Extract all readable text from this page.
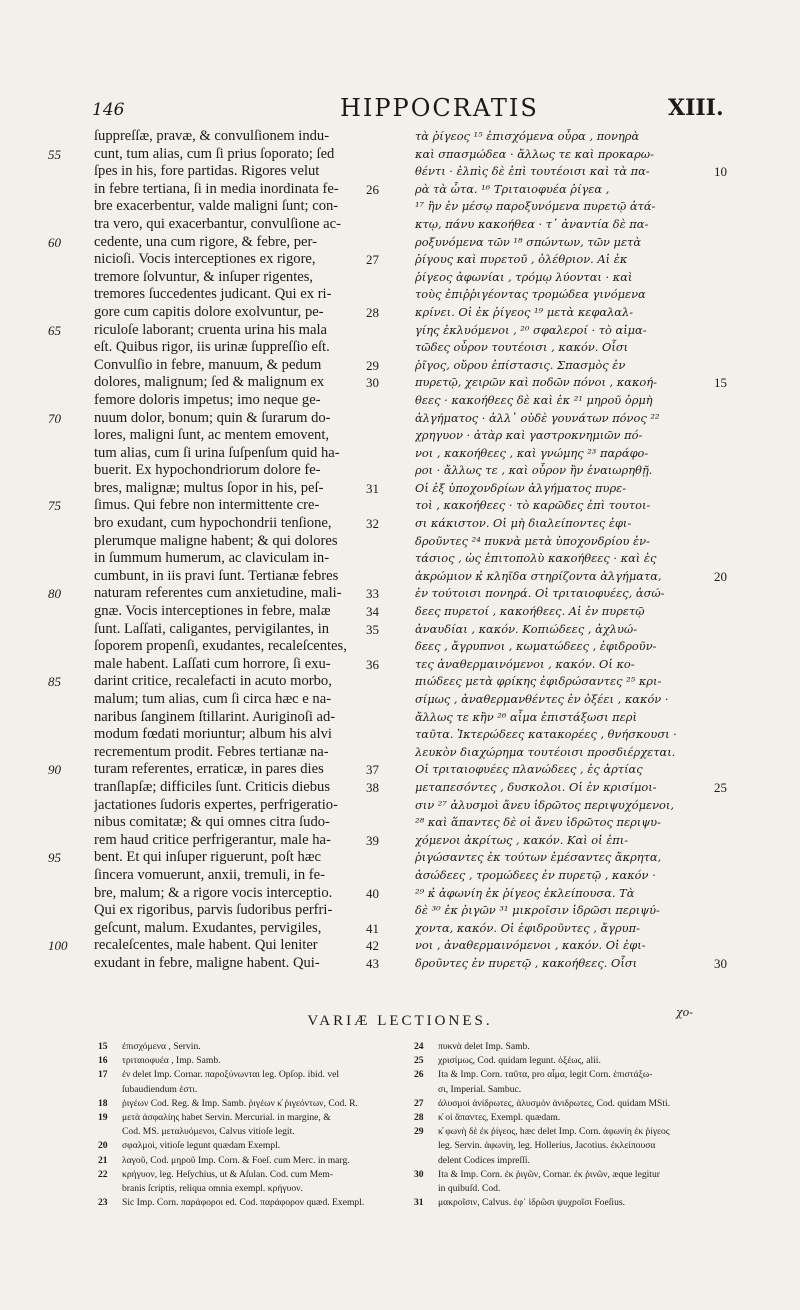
146	HIPPOCRATIS	XIII.
55
60
65
70
75
80
85
90
95
100
ſuppreſſæ, pravæ, & convulſionem indu-
cunt, tum alias, cum ſi prius ſoporato; ſed
ſpes in his, fore partidas. Rigores velut
in febre tertiana, ſi in media inordinata fe-
bre exacerbentur, valde maligni ſunt; con-
tra vero, qui exacerbantur, convulſione ac-
cedente, una cum rigore, & febre, per-
nicioſi. Vocis interceptiones ex rigore,
tremore ſolvuntur, & inſuper rigentes,
tremores ſuccedentes judicant. Qui ex ri-
gore cum capitis dolore exolvuntur, pe-
riculoſe laborant; cruenta urina his mala
eſt. Quibus rigor, iis urinæ ſuppreſſio eſt.
Convulſio in febre, manuum, & pedum
dolores, malignum; ſed & malignum ex
femore doloris impetus; imo neque ge-
nuum dolor, bonum; quin & ſurarum do-
lores, maligni ſunt, ac mentem emovent,
tum alias, cum ſi urina ſuſpenſum quid ha-
buerit. Ex hypochondriorum dolore fe-
bres, malignæ; multus ſopor in his, peſ-
ſimus. Qui febre non intermittente cre-
bro exudant, cum hypochondrii tenſione,
plerumque maligne habent; & qui dolores
in ſummum humerum, ac claviculam in-
cumbunt, in iis pravi ſunt. Tertianæ febres
naturam referentes cum anxietudine, mali-
gnæ. Vocis interceptiones in febre, malæ
ſunt. Laſſati, caligantes, pervigilantes, in
ſoporem propenſi, exudantes, recaleſcentes,
male habent. Laſſati cum horrore, ſi exu-
darint critice, recalefacti in acuto morbo,
malum; tum alias, cum ſi circa hæc e na-
naribus ſanginem ſtillarint. Auriginoſi ad-
modum fœdati moriuntur; album his alvi
recrementum prodit. Febres tertianæ na-
turam referentes, erraticæ, in pares dies
tranſlapſæ; difficiles ſunt. Criticis diebus
jactationes ſudoris expertes, perfrigeratio-
nibus comitatæ; & qui omnes citra ſudo-
rem haud critice perfrigerantur, male ha-
bent. Et qui inſuper riguerunt, poſt hæc
ſincera vomuerunt, anxii, tremuli, in fe-
bre, malum; & a rigore vocis interceptio.
Qui ex rigoribus, parvis ſudoribus perfri-
geſcunt, malum. Exudantes, pervigiles,
recaleſcentes, male habent. Qui leniter
exudant in febre, maligne habent. Qui-
26
27
28
29
30
31
32
33
34
35
36
37
38
39
40
41
42
43
τὰ ῥίγεος ¹⁵ ἐπισχόμενα οὖρα , πονηρὰ
καὶ σπασμώδεα · ἄλλως τε καὶ προκαρω-
θέντι · ἐλπὶς δὲ ἐπὶ τουτέοισι καὶ τὰ πα-
ρὰ τὰ ὦτα. ¹⁶ Τριταιοφυέα ῥίγεα ,
¹⁷ ἢν ἐν μέσῳ παροξυνόμενα πυρετῷ ἀτά-
κτῳ, πάνυ κακοήθεα · τ᾽ ἀναντία δὲ πα-
ροξυνόμενα τῶν ¹⁸ σπώντων, τῶν μετὰ
ῥίγους καὶ πυρετοῦ , ὀλέθριον. Αἱ ἐκ
ῥίγεος ἀφωνίαι , τρόμῳ λύονται · καὶ
τοὺς ἐπιῤῥιγέοντας τρομώδεα γινόμενα
κρίνει. Οἱ ἐκ ῥίγεος ¹⁹ μετὰ κεφαλαλ-
γίης ἐκλυόμενοι , ²⁰ σφαλεροί · τὸ αἱμα-
τῶδες οὖρον τουτέοισι , κακόν. Οἷσι
ῥῖγος, οὔρου ἐπίστασις. Σπασμὸς ἐν
πυρετῷ, χειρῶν καὶ ποδῶν πόνοι , κακοή-
θεες · κακοήθεες δὲ καὶ ἐκ ²¹ μηροῦ ὁρμὴ
ἀλγήματος · ἀλλ᾽ οὐδὲ γουνάτων πόνος ²²
χρηγυον · ἀτὰρ καὶ γαστροκνημιῶν πό-
νοι , κακοήθεες , καὶ γνώμης ²³ παράφο-
ροι · ἄλλως τε , καὶ οὖρον ἢν ἐναιωρηθῇ.
Οἱ ἐξ ὑποχονδρίων ἀλγήματος πυρε-
τοὶ , κακοήθεες · τὸ καρῶδες ἐπὶ τουτοι-
σι κάκιστον. Οἱ μὴ διαλείποντες ἐφι-
δροῦντες ²⁴ πυκνὰ μετὰ ὑποχονδρίου ἐν-
τάσιος , ὡς ἐπιτοπολὺ κακοήθεες · καὶ ἐς
ἀκρώμιον κ̓ κληῖδα στηρίζοντα ἀλγήματα,
ἐν τούτοισι πονηρά. Οἱ τριταιοφυέες, ἀσώ-
δεες πυρετοί , κακοήθεες. Αἱ ἐν πυρετῷ
ἀναυδίαι , κακόν. Κοπιώδεες , ἀχλυώ-
δεες , ἄγρυπνοι , κωματώδεες , ἐφιδροῦν-
τες ἀναθερμαινόμενοι , κακόν. Οἱ κο-
πιώδεες μετὰ φρίκης ἐφιδρώσαντες ²⁵ κρι-
σίμως , ἀναθερμανθέντες ἐν ὀξέει , κακόν ·
ἄλλως τε κἢν ²⁶ αἷμα ἐπιστάξωσι περὶ
ταῦτα. Ἰκτερώδεες κατακορέες , θνήσκουσι ·
λευκὸν διαχώρημα τουτέοισι προσδιέρχεται.
Οἱ τριταιοφυέες πλανώδεες , ἐς ἀρτίας
μεταπεσόντες , δυσκολοι. Οἱ ἐν κρισίμοι-
σιν ²⁷ ἀλυσμοὶ ἄνευ ἱδρῶτος περιψυχόμενοι,
²⁸ καὶ ἅπαντες δὲ οἱ ἄνευ ἱδρῶτος περιψυ-
χόμενοι ἀκρίτως , κακόν. Καὶ οἱ ἐπι-
ῥιγώσαντες ἐκ τούτων ἐμέσαντες ἄκρητα,
ἀσώδεες , τρομώδεες ἐν πυρετῷ , κακόν ·
²⁹ κ̓ ἀφωνίη ἐκ ῥίγεος ἐκλείπουσα. Τὰ
δὲ ³⁰ ἐκ ῥιγῶν ³¹ μικροῖσιν ἱδρῶσι περιψύ-
χοντα, κακόν. Οἱ ἐφιδροῦντες , ἄγρυπ-
νοι , ἀναθερμαινόμενοι , κακόν. Οἱ ἐφι-
δροῦντες ἐν πυρετῷ , κακοήθεες. Οἷσι
10
15
20
25
30
χο-
VARIÆ LECTIONES.
15 ἐπισχόμενα , Servin.
16 τριταιοφυέα , Imp. Samb.
17 ἐν delet Imp. Cornar. παροξύνωνται leg. Opſop. ibid. vel
ſubaudiendum ἐστι.
18 ῥιγέων Cod. Reg. & Imp. Samb. ῥιγέων κ̓ ῥιγεόντων, Cod. R.
19 μετὰ ἀσφαλίης habet Servin. Mercurial. in margine, &
Cod. MS. μεταλυόμενοι, Calvus vitioſe legit.
20 σφαλμοὶ, vitioſe legunt quædam Exempl.
21 λαγοῦ, Cod. μηροῦ Imp. Corn. & Foeſ. cum Merc. in marg.
22 κρήγυον, leg. Heſychius, ut & Aſulan. Cod. cum Mem-
branis ſcriptis, reliqua omnia exempl. κρήγυον.
23 Sic Imp. Corn. παράφοροι ed. Cod. παράφορον quæd. Exempl.
24 πυκνὰ delet Imp. Samb.
25 χρισίμως, Cod. quidam legunt. ὀξέως, alii.
26 Ita & Imp. Corn. ταῦτα, pro αἷμα, legit Corn. ἐπιστάξω-
σι, Imperial. Sambuc.
27 ἀλυσμοὶ ἀνίδρωτες, ἀλυσμὸν ἀνιδρωτες, Cod. quidam MSti.
28 κ̓ οἱ ἅπαντες, Exempl. quædam.
29 κ̓ φωνὴ δὲ ἐκ ῥίγεος, hæc delet Imp. Corn. ἀφωνίη ἐκ ῥίγεος
leg. Servin. ἀφωνίη, leg. Hollerius, Jacotius. ἐκλείπουσα
delent Codices impreſſi.
30 Ita & Imp. Corn. ἐκ ῥιγῶν, Cornar. ἐκ ῥινῶν, æque legitur
in quibuſd. Cod.
31 μακροῖσιν, Calvus. ἐφ᾽ ἱδρῶσι ψυχροῖσι Foeſius.
